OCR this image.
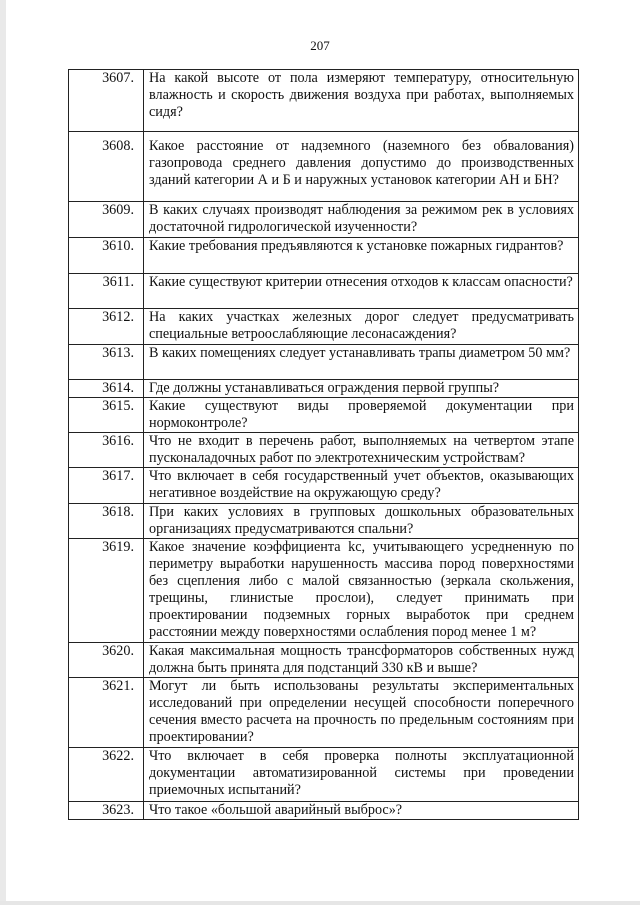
207
3607.	На какой высоте от пола измеряют температуру, относительную влажность и скорость движения воздуха при работах, выполняемых сидя?
3608.	Какое расстояние от надземного (наземного без обвалования) газопровода среднего давления допустимо до производственных зданий категории А и Б и наружных установок категории АН и БН?
3609.	В каких случаях производят наблюдения за режимом рек в условиях достаточной гидрологической изученности?
3610.	Какие требования предъявляются к установке пожарных гидрантов?
3611.	Какие существуют критерии отнесения отходов к классам опасности?
3612.	На каких участках железных дорог следует предусматривать специальные ветроослабляющие лесонасаждения?
3613.	В каких помещениях следует устанавливать трапы диаметром 50 мм?
3614.	Где должны устанавливаться ограждения первой группы?
3615.	Какие существуют виды проверяемой документации при нормоконтроле?
3616.	Что не входит в перечень работ, выполняемых на четвертом этапе пусконаладочных работ по электротехническим устройствам?
3617.	Что включает в себя государственный учет объектов, оказывающих негативное воздействие на окружающую среду?
3618.	При каких условиях в групповых дошкольных образовательных организациях предусматриваются спальни?
3619.	Какое значение коэффициента kc, учитывающего усредненную по периметру выработки нарушенность массива пород поверхностями без сцепления либо с малой связанностью (зеркала скольжения, трещины, глинистые прослои), следует принимать при проектировании подземных горных выработок при среднем расстоянии между поверхностями ослабления пород менее 1 м?
3620.	Какая максимальная мощность трансформаторов собственных нужд должна быть принята для подстанций 330 кВ и выше?
3621.	Могут ли быть использованы результаты экспериментальных исследований при определении несущей способности поперечного сечения вместо расчета на прочность по предельным состояниям при проектировании?
3622.	Что включает в себя проверка полноты эксплуатационной документации автоматизированной системы при проведении приемочных испытаний?
3623.	Что такое «большой аварийный выброс»?
